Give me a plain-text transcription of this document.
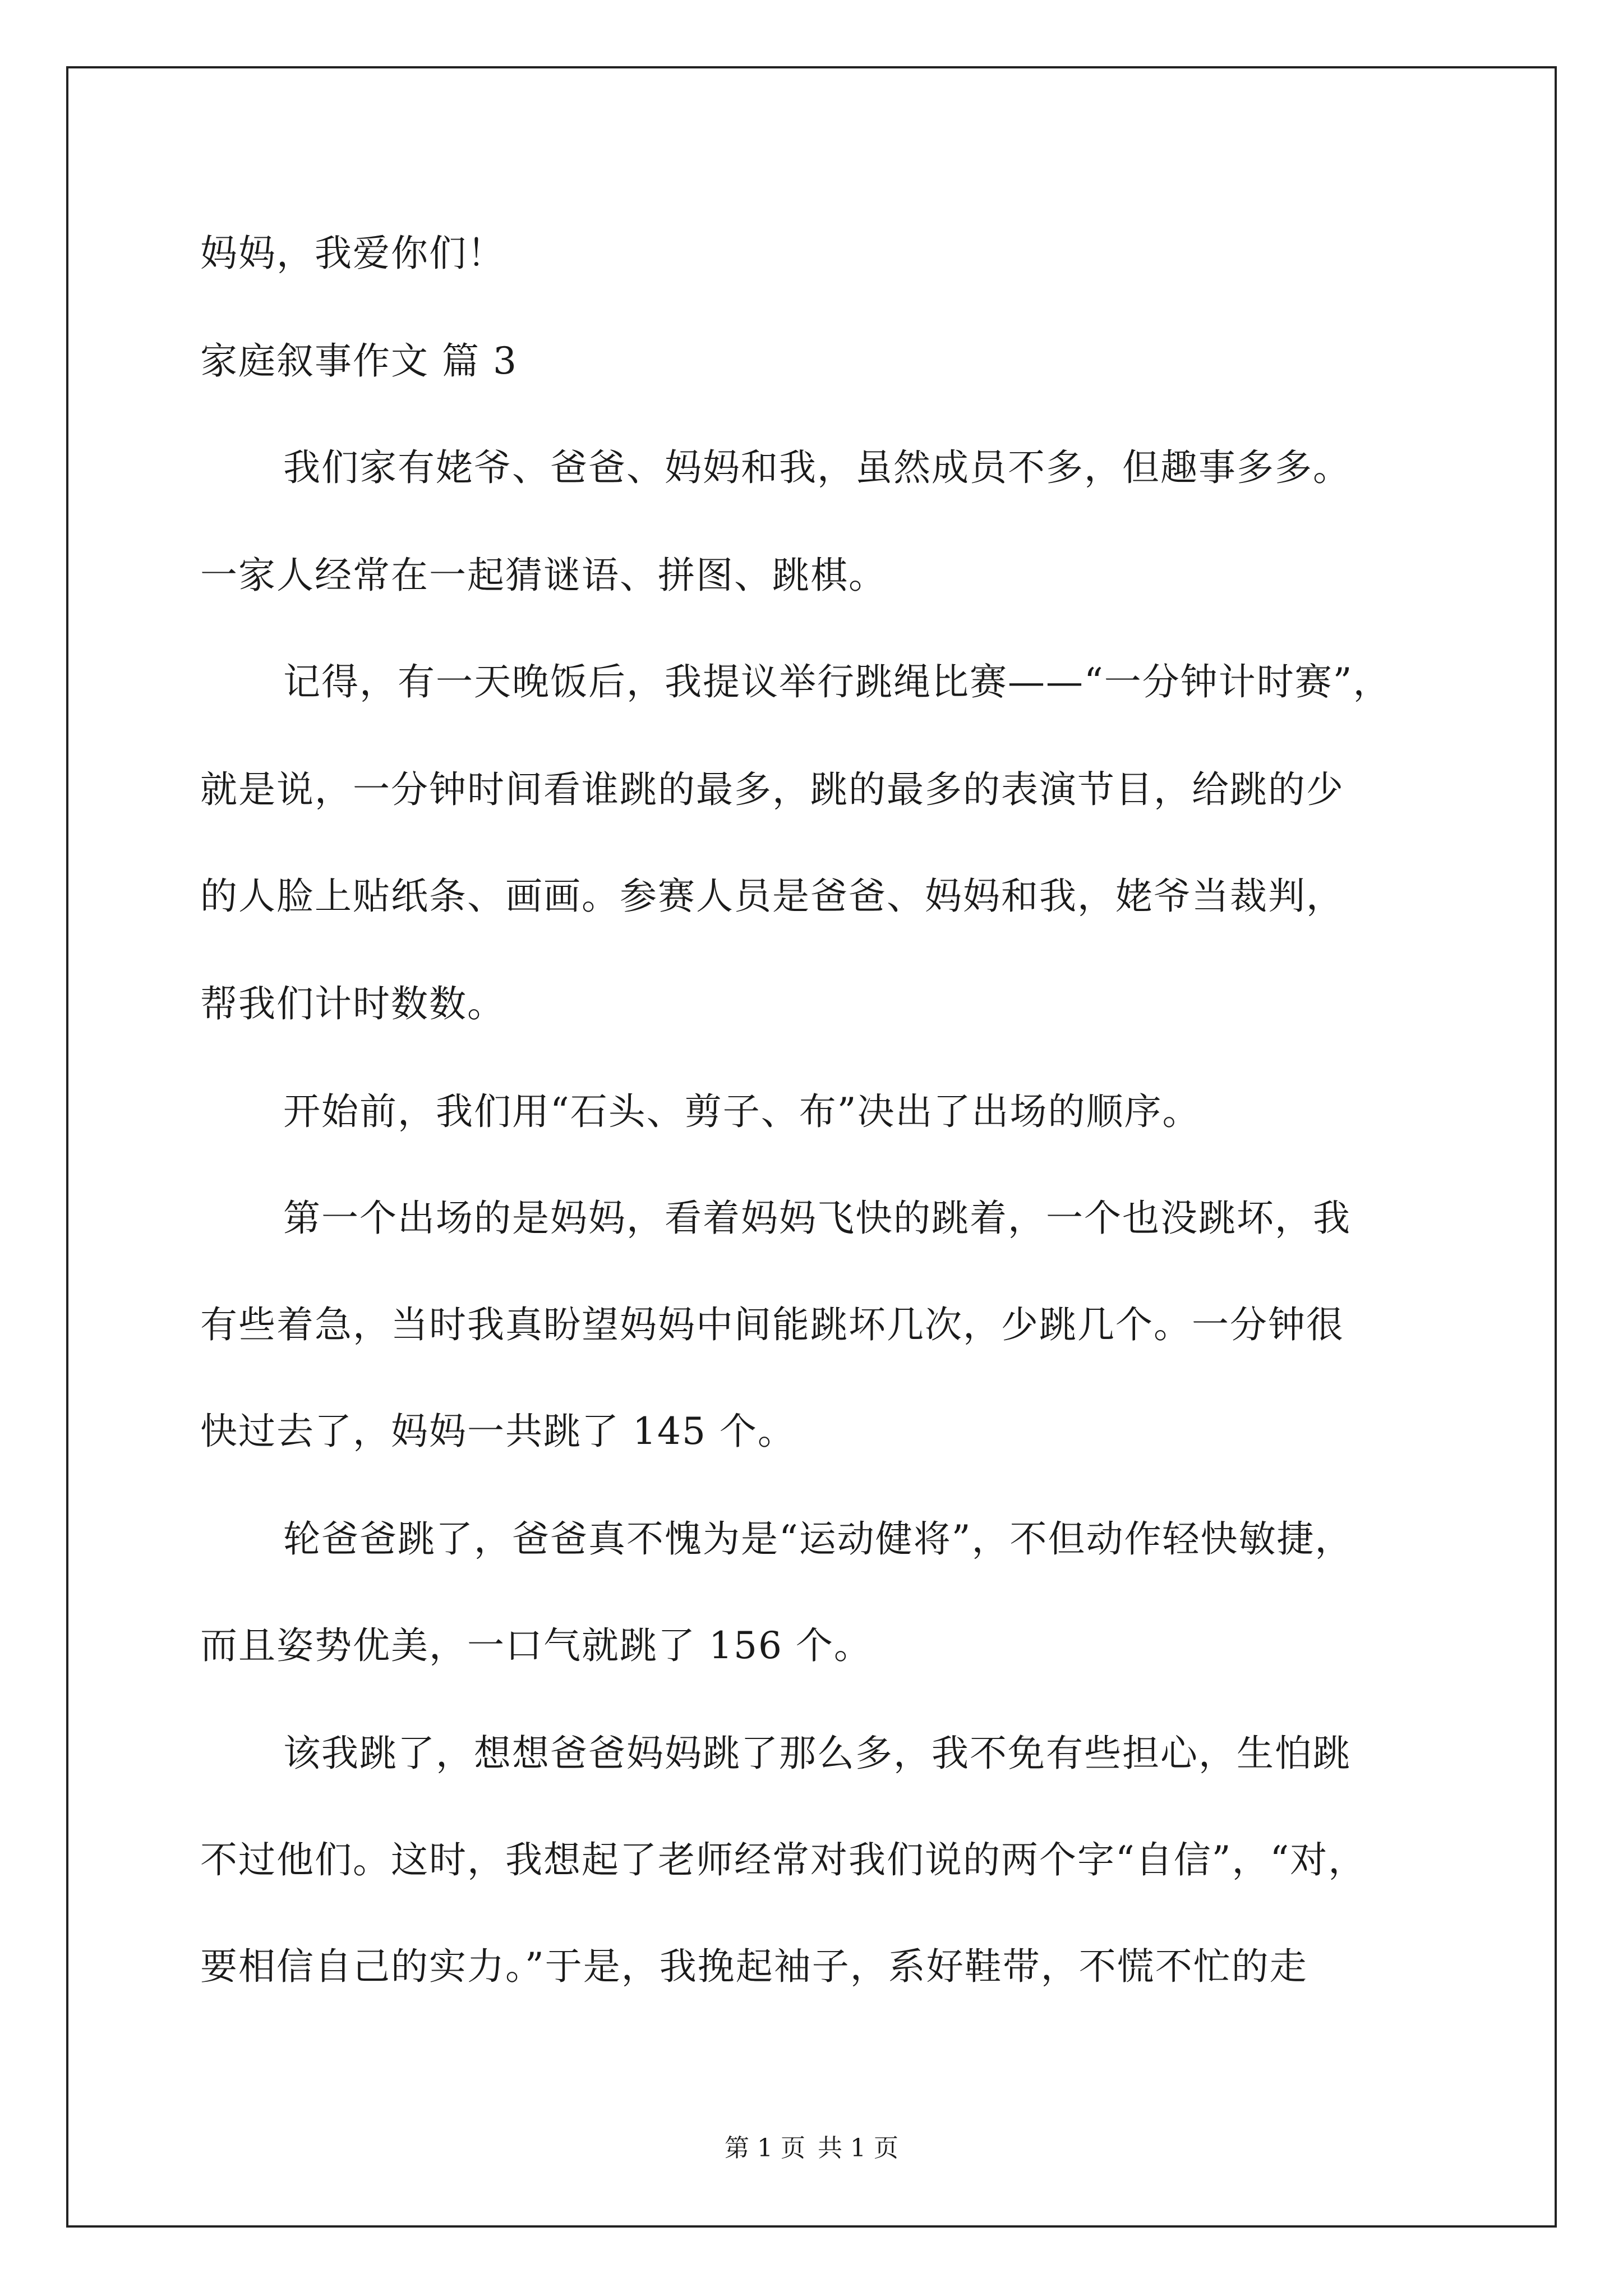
妈妈，我爱你们！
家庭叙事作文 篇 3
我们家有姥爷、爸爸、妈妈和我，虽然成员不多，但趣事多多。
一家人经常在一起猜谜语、拼图、跳棋。
记得，有一天晚饭后，我提议举行跳绳比赛——“一分钟计时赛”，
就是说，一分钟时间看谁跳的最多，跳的最多的表演节目，给跳的少
的人脸上贴纸条、画画。参赛人员是爸爸、妈妈和我，姥爷当裁判，
帮我们计时数数。
开始前，我们用“石头、剪子、布”决出了出场的顺序。
第一个出场的是妈妈，看着妈妈飞快的跳着，一个也没跳坏，我
有些着急，当时我真盼望妈妈中间能跳坏几次，少跳几个。一分钟很
快过去了，妈妈一共跳了 145 个。
轮爸爸跳了，爸爸真不愧为是“运动健将”，不但动作轻快敏捷，
而且姿势优美，一口气就跳了 156 个。
该我跳了，想想爸爸妈妈跳了那么多，我不免有些担心，生怕跳
不过他们。这时，我想起了老师经常对我们说的两个字“自信”，“对，
要相信自己的实力。”于是，我挽起袖子，系好鞋带，不慌不忙的走
第 1 页 共 1 页
